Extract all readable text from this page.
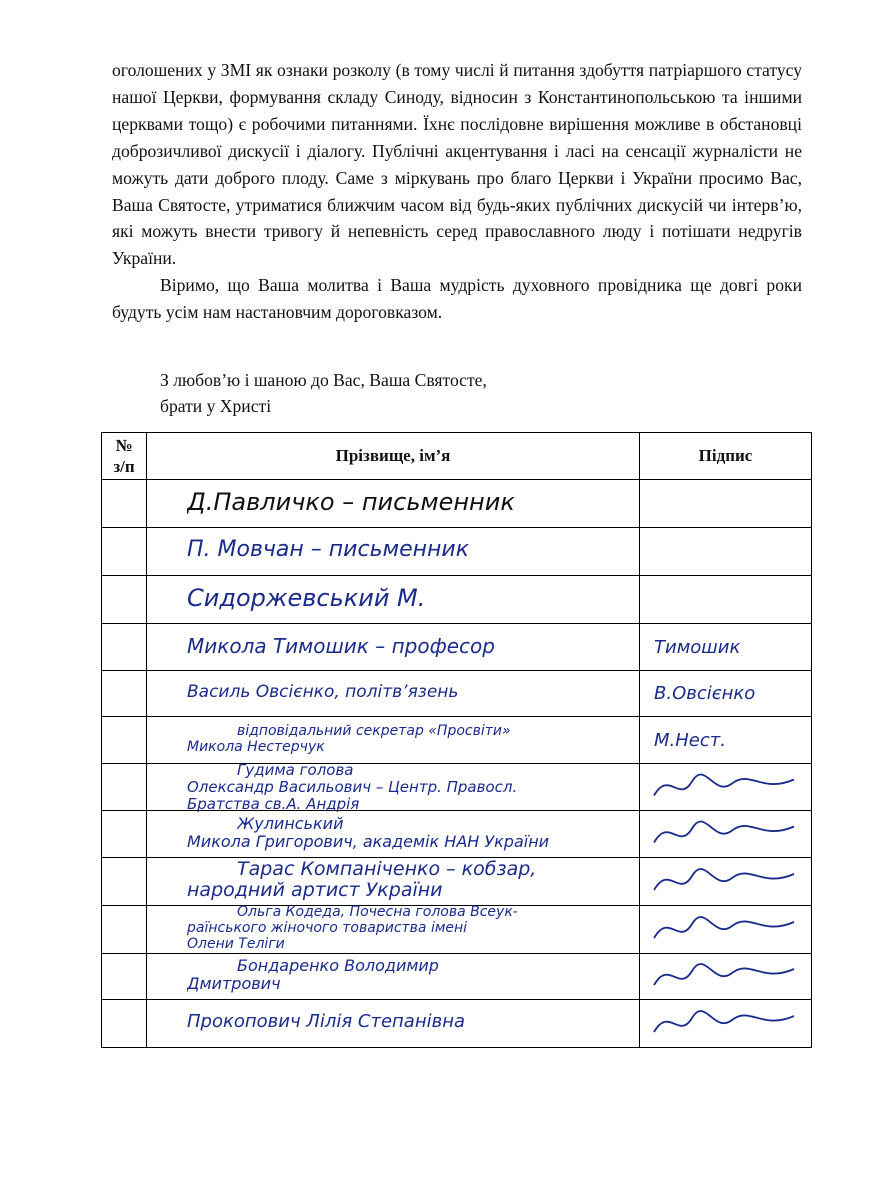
оголошених у ЗМІ як ознаки розколу (в тому числі й питання здобуття патріаршого статусу нашої Церкви, формування складу Синоду, відносин з Константинопольською та іншими церквами тощо) є робочими питаннями. Їхнє послідовне вирішення можливе в обстановці доброзичливої дискусії і діалогу. Публічні акцентування і ласі на сенсації журналісти не можуть дати доброго плоду. Саме з міркувань про благо Церкви і України просимо Вас, Ваша Святосте, утриматися ближчим часом від будь-яких публічних дискусій чи інтерв’ю, які можуть внести тривогу й непевність серед православного люду і потішати недругів України.

Віримо, що Ваша молитва і Ваша мудрість духовного провідника ще довгі роки будуть усім нам настановчим дороговказом.

З любов’ю і шаною до Вас, Ваша Святосте,
брати у Христі
№
з/п	Прізвище, ім’я	Підпис

	Д.Павличко – письменник	

	П. Мовчан – письменник	

	Сидоржевський М.	

	Микола Тимошик – професор	Тимошик

	Василь Овсієнко, політв’язень	В.Овсієнко

	відповідальний секретар «Просвіти»
Микола Нестерчук	М.Нест.

	Гудима голова
Олександр Васильович – Центр. Правосл.
Братства св.А. Андрія

	Жулинський
Микола Григорович, академік НАН України

	Тарас Компаніченко – кобзар,
народний артист України

	Ольга Кодеда, Почесна голова Всеук-
раїнського жіночого товариства імені
Олени Теліги

	Бондаренко Володимир
Дмитрович

	Прокопович Лілія Степанівна
